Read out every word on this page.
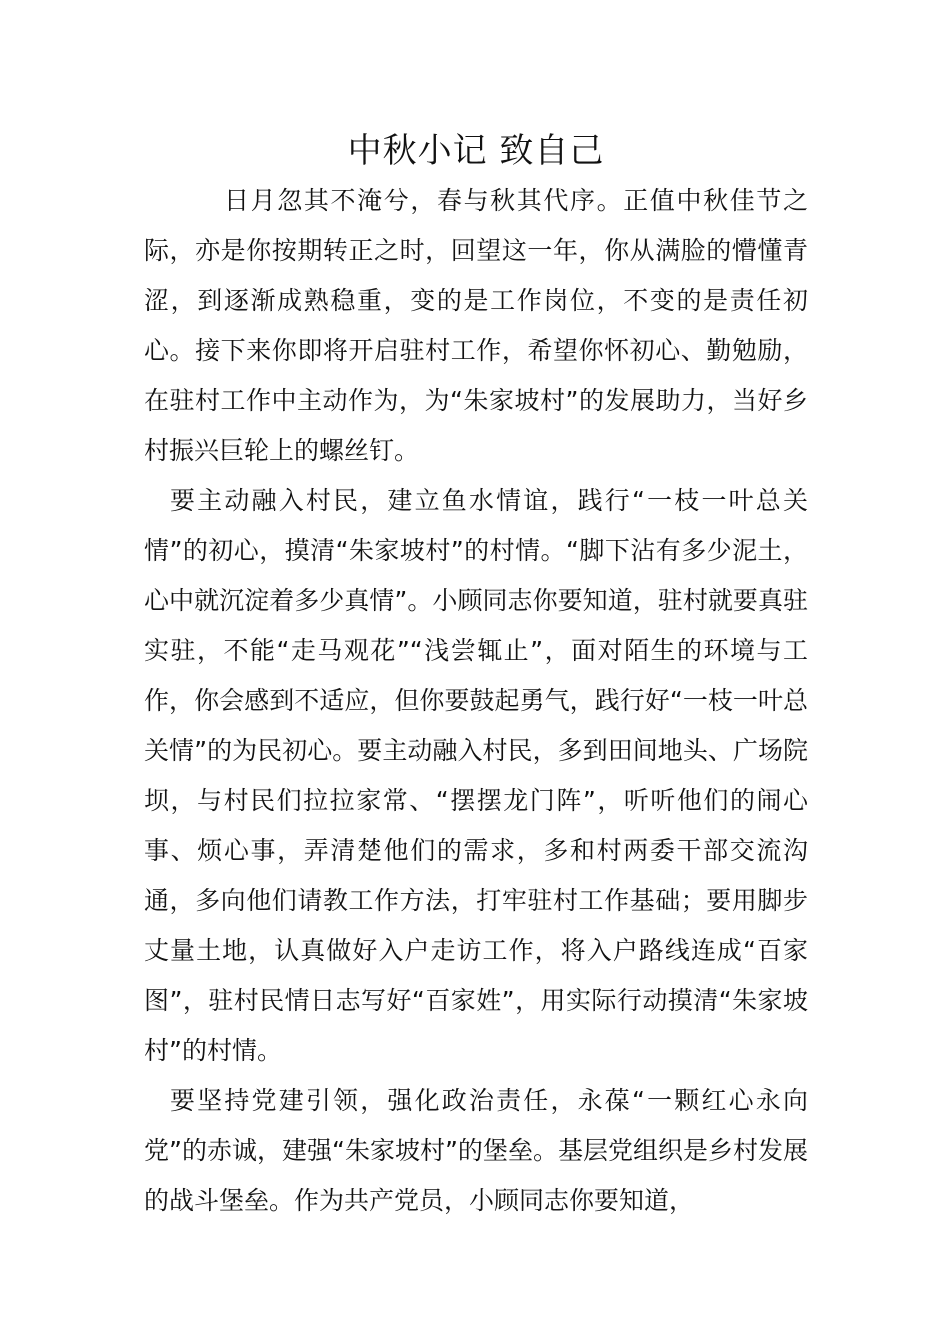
中秋小记 致自己

日月忽其不淹兮，春与秋其代序。正值中秋佳节之际，亦是你按期转正之时，回望这一年，你从满脸的懵懂青涩，到逐渐成熟稳重，变的是工作岗位，不变的是责任初心。接下来你即将开启驻村工作，希望你怀初心、勤勉励，在驻村工作中主动作为，为“朱家坡村”的发展助力，当好乡村振兴巨轮上的螺丝钉。

要主动融入村民，建立鱼水情谊，践行“一枝一叶总关情”的初心，摸清“朱家坡村”的村情。“脚下沾有多少泥土，心中就沉淀着多少真情”。小顾同志你要知道，驻村就要真驻实驻，不能“走马观花”“浅尝辄止”，面对陌生的环境与工作，你会感到不适应，但你要鼓起勇气，践行好“一枝一叶总关情”的为民初心。要主动融入村民，多到田间地头、广场院坝，与村民们拉拉家常、“摆摆龙门阵”，听听他们的闹心事、烦心事，弄清楚他们的需求，多和村两委干部交流沟通，多向他们请教工作方法，打牢驻村工作基础；要用脚步丈量土地，认真做好入户走访工作，将入户路线连成“百家图”，驻村民情日志写好“百家姓”，用实际行动摸清“朱家坡村”的村情。

要坚持党建引领，强化政治责任，永葆“一颗红心永向党”的赤诚，建强“朱家坡村”的堡垒。基层党组织是乡村发展的战斗堡垒。作为共产党员，小顾同志你要知道，
